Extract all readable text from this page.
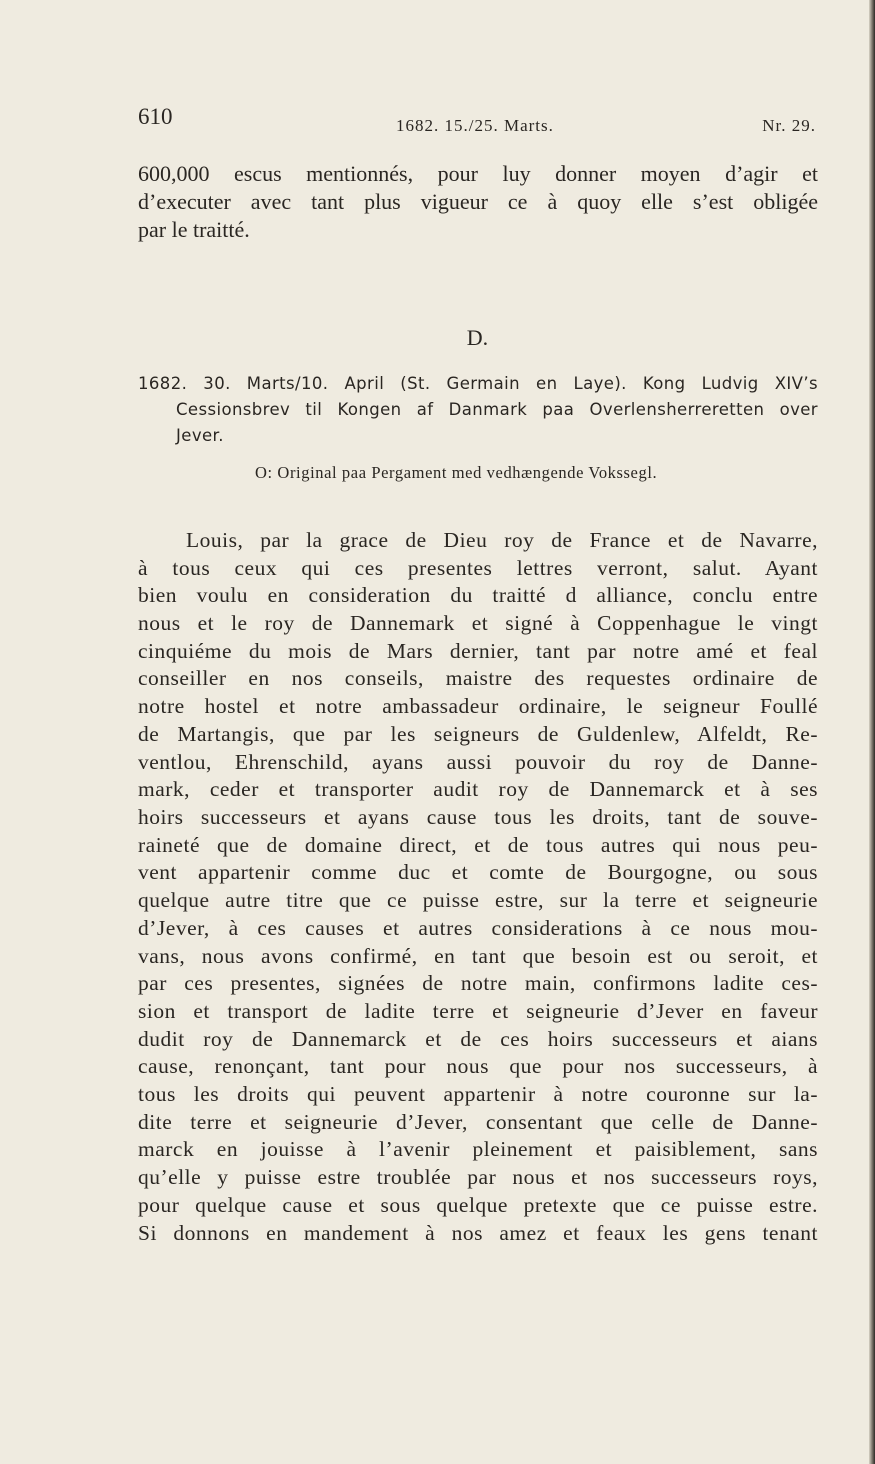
610	1682. 15./25. Marts.	Nr. 29.

600,000 escus mentionnés, pour luy donner moyen d’agir et

d’executer avec tant plus vigueur ce à quoy elle s’est obligée

par le traitté.

D.

1682. 30. Marts/10. April (St. Germain en Laye). Kong Ludvig XIV’s

Cessionsbrev til Kongen af Danmark paa Overlensherreretten over

Jever.

O: Original paa Pergament med vedhængende Vokssegl.

Louis, par la grace de Dieu roy de France et de Navarre,

à tous ceux qui ces presentes lettres verront, salut. Ayant

bien voulu en consideration du traitté d alliance, conclu entre

nous et le roy de Dannemark et signé à Coppenhague le vingt

cinquiéme du mois de Mars dernier, tant par notre amé et feal

conseiller en nos conseils, maistre des requestes ordinaire de

notre hostel et notre ambassadeur ordinaire, le seigneur Foullé

de Martangis, que par les seigneurs de Guldenlew, Alfeldt, Re-

ventlou, Ehrenschild, ayans aussi pouvoir du roy de Danne-

mark, ceder et transporter audit roy de Dannemarck et à ses

hoirs successeurs et ayans cause tous les droits, tant de souve-

raineté que de domaine direct, et de tous autres qui nous peu-

vent appartenir comme duc et comte de Bourgogne, ou sous

quelque autre titre que ce puisse estre, sur la terre et seigneurie

d’Jever, à ces causes et autres considerations à ce nous mou-

vans, nous avons confirmé, en tant que besoin est ou seroit, et

par ces presentes, signées de notre main, confirmons ladite ces-

sion et transport de ladite terre et seigneurie d’Jever en faveur

dudit roy de Dannemarck et de ces hoirs successeurs et aians

cause, renonçant, tant pour nous que pour nos successeurs, à

tous les droits qui peuvent appartenir à notre couronne sur la-

dite terre et seigneurie d’Jever, consentant que celle de Danne-

marck en jouisse à l’avenir pleinement et paisiblement, sans

qu’elle y puisse estre troublée par nous et nos successeurs roys,

pour quelque cause et sous quelque pretexte que ce puisse estre.

Si donnons en mandement à nos amez et feaux les gens tenant
